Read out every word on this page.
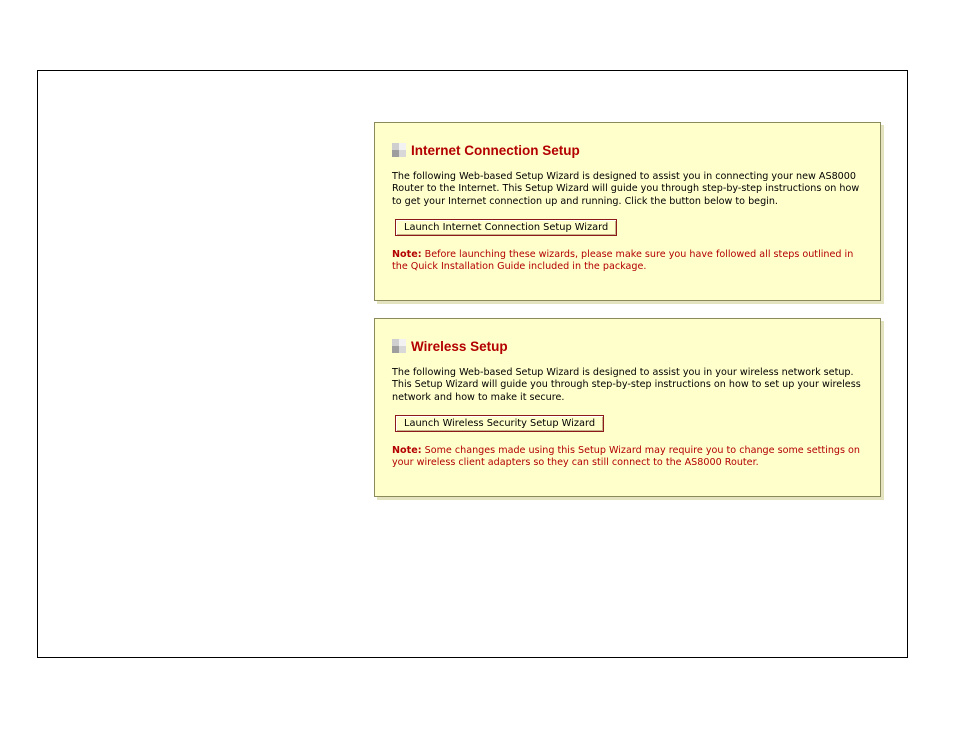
Internet Connection Setup
The following Web-based Setup Wizard is designed to assist you in connecting your new AS8000 Router to the Internet. This Setup Wizard will guide you through step-by-step instructions on how to get your Internet connection up and running. Click the button below to begin.
Launch Internet Connection Setup Wizard
Note: Before launching these wizards, please make sure you have followed all steps outlined in the Quick Installation Guide included in the package.
Wireless Setup
The following Web-based Setup Wizard is designed to assist you in your wireless network setup. This Setup Wizard will guide you through step-by-step instructions on how to set up your wireless network and how to make it secure.
Launch Wireless Security Setup Wizard
Note: Some changes made using this Setup Wizard may require you to change some settings on your wireless client adapters so they can still connect to the AS8000 Router.
